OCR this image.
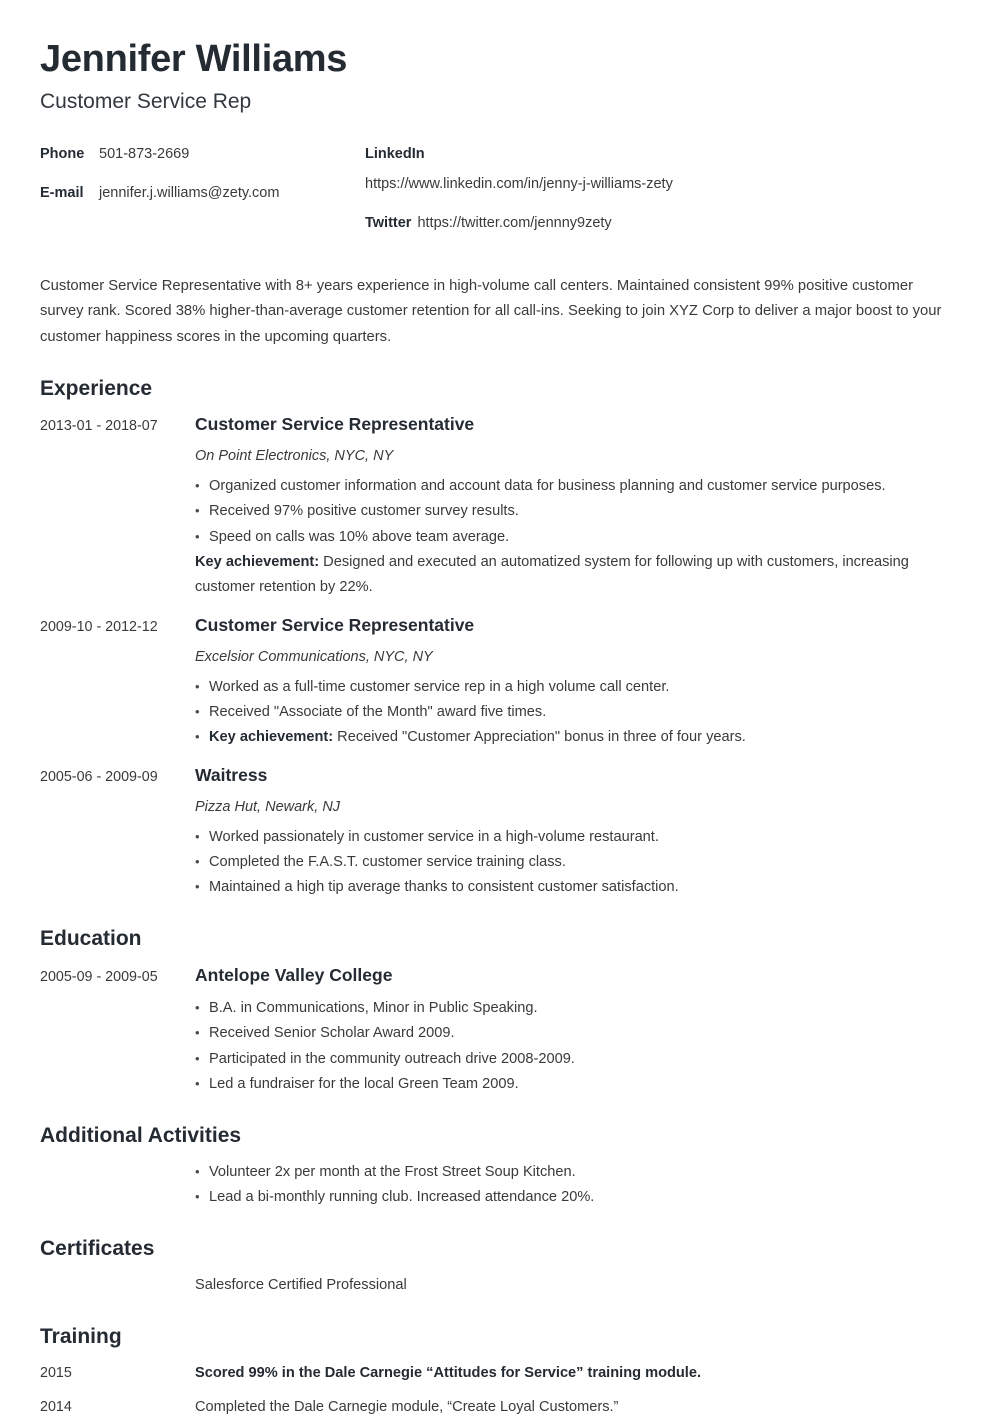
Jennifer Williams
Customer Service Rep
Phone	501-873-2669
E-mail	jennifer.j.williams@zety.com
LinkedIn
https://www.linkedin.com/in/jenny-j-williams-zety
Twitter https://twitter.com/jennny9zety

Customer Service Representative with 8+ years experience in high-volume call centers. Maintained consistent 99% positive customer survey rank. Scored 38% higher-than-average customer retention for all call-ins. Seeking to join XYZ Corp to deliver a major boost to your customer happiness scores in the upcoming quarters.

Experience
2013-01 - 2018-07	Customer Service Representative
On Point Electronics, NYC, NY
• Organized customer information and account data for business planning and customer service purposes.
• Received 97% positive customer survey results.
• Speed on calls was 10% above team average.
Key achievement: Designed and executed an automatized system for following up with customers, increasing customer retention by 22%.
2009-10 - 2012-12	Customer Service Representative
Excelsior Communications, NYC, NY
• Worked as a full-time customer service rep in a high volume call center.
• Received "Associate of the Month" award five times.
• Key achievement: Received "Customer Appreciation" bonus in three of four years.
2005-06 - 2009-09	Waitress
Pizza Hut, Newark, NJ
• Worked passionately in customer service in a high-volume restaurant.
• Completed the F.A.S.T. customer service training class.
• Maintained a high tip average thanks to consistent customer satisfaction.
Education
2005-09 - 2009-05	Antelope Valley College
• B.A. in Communications, Minor in Public Speaking.
• Received Senior Scholar Award 2009.
• Participated in the community outreach drive 2008-2009.
• Led a fundraiser for the local Green Team 2009.
Additional Activities
• Volunteer 2x per month at the Frost Street Soup Kitchen.
• Lead a bi-monthly running club. Increased attendance 20%.
Certificates
Salesforce Certified Professional
Training
2015	Scored 99% in the Dale Carnegie “Attitudes for Service” training module.
2014	Completed the Dale Carnegie module, “Create Loyal Customers.”
